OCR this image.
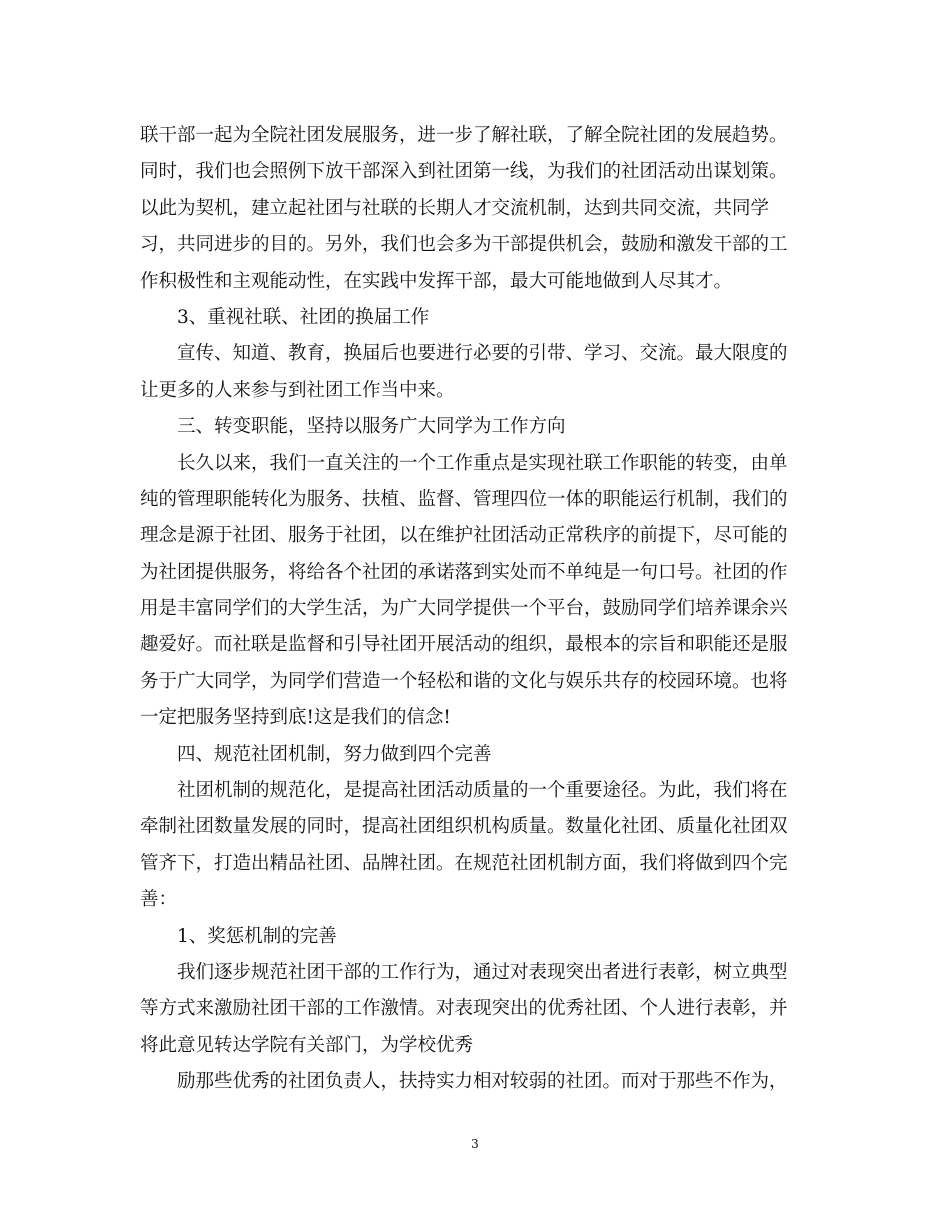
联干部一起为全院社团发展服务，进一步了解社联，了解全院社团的发展趋势。
同时，我们也会照例下放干部深入到社团第一线，为我们的社团活动出谋划策。
以此为契机，建立起社团与社联的长期人才交流机制，达到共同交流，共同学
习，共同进步的目的。另外，我们也会多为干部提供机会，鼓励和激发干部的工
作积极性和主观能动性，在实践中发挥干部，最大可能地做到人尽其才。
3、重视社联、社团的换届工作
宣传、知道、教育，换届后也要进行必要的引带、学习、交流。最大限度的
让更多的人来参与到社团工作当中来。
三、转变职能，坚持以服务广大同学为工作方向
长久以来，我们一直关注的一个工作重点是实现社联工作职能的转变，由单
纯的管理职能转化为服务、扶植、监督、管理四位一体的职能运行机制，我们的
理念是源于社团、服务于社团，以在维护社团活动正常秩序的前提下，尽可能的
为社团提供服务，将给各个社团的承诺落到实处而不单纯是一句口号。社团的作
用是丰富同学们的大学生活，为广大同学提供一个平台，鼓励同学们培养课余兴
趣爱好。而社联是监督和引导社团开展活动的组织，最根本的宗旨和职能还是服
务于广大同学，为同学们营造一个轻松和谐的文化与娱乐共存的校园环境。也将
一定把服务坚持到底!这是我们的信念!
四、规范社团机制，努力做到四个完善
社团机制的规范化，是提高社团活动质量的一个重要途径。为此，我们将在
牵制社团数量发展的同时，提高社团组织机构质量。数量化社团、质量化社团双
管齐下，打造出精品社团、品牌社团。在规范社团机制方面，我们将做到四个完
善：
1、奖惩机制的完善
我们逐步规范社团干部的工作行为，通过对表现突出者进行表彰，树立典型
等方式来激励社团干部的工作激情。对表现突出的优秀社团、个人进行表彰，并
将此意见转达学院有关部门，为学校优秀
励那些优秀的社团负责人，扶持实力相对较弱的社团。而对于那些不作为，
3
